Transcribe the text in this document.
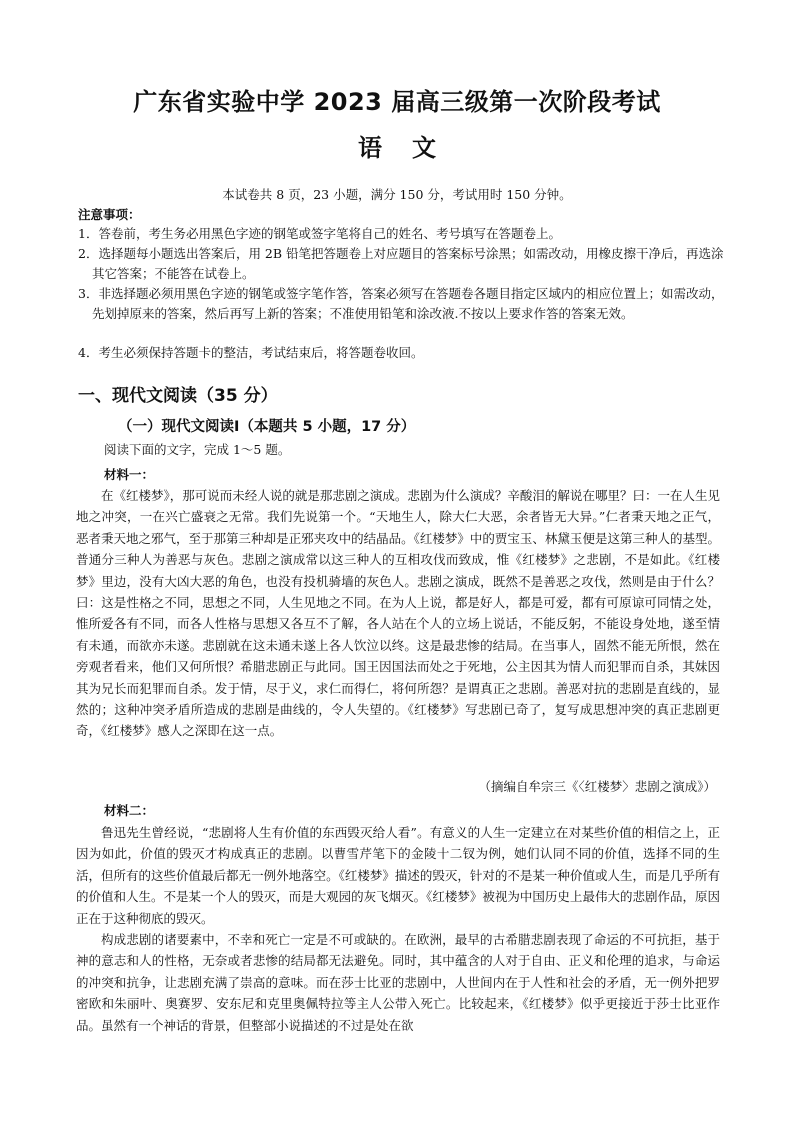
广东省实验中学 2023 届高三级第一次阶段考试
语文
本试卷共 8 页，23 小题，满分 150 分，考试用时 150 分钟。
注意事项：
1．答卷前，考生务必用黑色字迹的钢笔或签字笔将自己的姓名、考号填写在答题卷上。
2．选择题每小题选出答案后，用 2B 铅笔把答题卷上对应题目的答案标号涂黑；如需改动，用橡皮擦干净后，再选涂其它答案；不能答在试卷上。
3．非选择题必须用黑色字迹的钢笔或签字笔作答，答案必须写在答题卷各题目指定区域内的相应位置上；如需改动，先划掉原来的答案，然后再写上新的答案；不准使用铅笔和涂改液.不按以上要求作答的答案无效。
4．考生必须保持答题卡的整洁，考试结束后，将答题卷收回。
一、现代文阅读（35 分）
（一）现代文阅读Ⅰ（本题共 5 小题，17 分）
阅读下面的文字，完成 1～5 题。
材料一：
在《红楼梦》，那可说而未经人说的就是那悲剧之演成。悲剧为什么演成？辛酸泪的解说在哪里？曰：一在人生见地之冲突，一在兴亡盛衰之无常。我们先说第一个。“天地生人，除大仁大恶，余者皆无大异。”仁者秉天地之正气，恶者秉天地之邪气，至于那第三种却是正邪夹攻中的结晶品。《红楼梦》中的贾宝玉、林黛玉便是这第三种人的基型。普通分三种人为善恶与灰色。悲剧之演成常以这三种人的互相攻伐而致成，惟《红楼梦》之悲剧，不是如此。《红楼梦》里边，没有大凶大恶的角色，也没有投机骑墙的灰色人。悲剧之演成，既然不是善恶之攻伐，然则是由于什么？曰：这是性格之不同，思想之不同，人生见地之不同。在为人上说，都是好人，都是可爱，都有可原谅可同情之处，惟所爱各有不同，而各人性格与思想又各互不了解，各人站在个人的立场上说话，不能反躬，不能设身处地，遂至情有未通，而欲亦未遂。悲剧就在这未通未遂上各人饮泣以终。这是最悲惨的结局。在当事人，固然不能无所恨，然在旁观者看来，他们又何所恨？希腊悲剧正与此同。国王因国法而处之于死地，公主因其为情人而犯罪而自杀，其妹因其为兄长而犯罪而自杀。发于情，尽于义，求仁而得仁，将何所怨？是谓真正之悲剧。善恶对抗的悲剧是直线的，显然的；这种冲突矛盾所造成的悲剧是曲线的，令人失望的。《红楼梦》写悲剧已奇了，复写成思想冲突的真正悲剧更奇，《红楼梦》感人之深即在这一点。
（摘编自牟宗三《〈红楼梦〉悲剧之演成》）
材料二：
鲁迅先生曾经说，“悲剧将人生有价值的东西毁灭给人看”。有意义的人生一定建立在对某些价值的相信之上，正因为如此，价值的毁灭才构成真正的悲剧。以曹雪芹笔下的金陵十二钗为例，她们认同不同的价值，选择不同的生活，但所有的这些价值最后都无一例外地落空。《红楼梦》描述的毁灭，针对的不是某一种价值或人生，而是几乎所有的价值和人生。不是某一个人的毁灭，而是大观园的灰飞烟灭。《红楼梦》被视为中国历史上最伟大的悲剧作品，原因正在于这种彻底的毁灭。
构成悲剧的诸要素中，不幸和死亡一定是不可或缺的。在欧洲，最早的古希腊悲剧表现了命运的不可抗拒，基于神的意志和人的性格，无奈或者悲惨的结局都无法避免。同时，其中蕴含的人对于自由、正义和伦理的追求，与命运的冲突和抗争，让悲剧充满了崇高的意味。而在莎士比亚的悲剧中，人世间内在于人性和社会的矛盾，无一例外把罗密欧和朱丽叶、奥赛罗、安东尼和克里奥佩特拉等主人公带入死亡。比较起来，《红楼梦》似乎更接近于莎士比亚作品。虽然有一个神话的背景，但整部小说描述的不过是处在欲
